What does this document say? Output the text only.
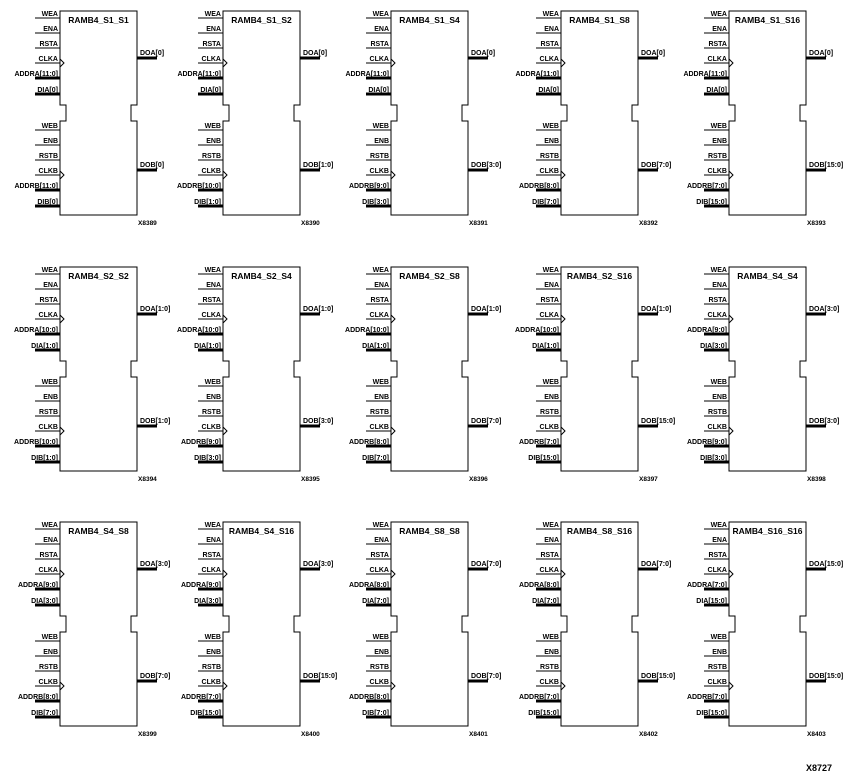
RAMB4_S1_S1
WEA
ENA
RSTA
CLKA
ADDRA[11:0]
DIA[0]
WEB
ENB
RSTB
CLKB
ADDRB[11:0]
DIB[0]
DOA[0]
DOB[0]
X8389
RAMB4_S1_S2
WEA
ENA
RSTA
CLKA
ADDRA[11:0]
DIA[0]
WEB
ENB
RSTB
CLKB
ADDRB[10:0]
DIB[1:0]
DOA[0]
DOB[1:0]
X8390
RAMB4_S1_S4
WEA
ENA
RSTA
CLKA
ADDRA[11:0]
DIA[0]
WEB
ENB
RSTB
CLKB
ADDRB[9:0]
DIB[3:0]
DOA[0]
DOB[3:0]
X8391
RAMB4_S1_S8
WEA
ENA
RSTA
CLKA
ADDRA[11:0]
DIA[0]
WEB
ENB
RSTB
CLKB
ADDRB[8:0]
DIB[7:0]
DOA[0]
DOB[7:0]
X8392
RAMB4_S1_S16
WEA
ENA
RSTA
CLKA
ADDRA[11:0]
DIA[0]
WEB
ENB
RSTB
CLKB
ADDRB[7:0]
DIB[15:0]
DOA[0]
DOB[15:0]
X8393
RAMB4_S2_S2
WEA
ENA
RSTA
CLKA
ADDRA[10:0]
DIA[1:0]
WEB
ENB
RSTB
CLKB
ADDRB[10:0]
DIB[1:0]
DOA[1:0]
DOB[1:0]
X8394
RAMB4_S2_S4
WEA
ENA
RSTA
CLKA
ADDRA[10:0]
DIA[1:0]
WEB
ENB
RSTB
CLKB
ADDRB[9:0]
DIB[3:0]
DOA[1:0]
DOB[3:0]
X8395
RAMB4_S2_S8
WEA
ENA
RSTA
CLKA
ADDRA[10:0]
DIA[1:0]
WEB
ENB
RSTB
CLKB
ADDRB[8:0]
DIB[7:0]
DOA[1:0]
DOB[7:0]
X8396
RAMB4_S2_S16
WEA
ENA
RSTA
CLKA
ADDRA[10:0]
DIA[1:0]
WEB
ENB
RSTB
CLKB
ADDRB[7:0]
DIB[15:0]
DOA[1:0]
DOB[15:0]
X8397
RAMB4_S4_S4
WEA
ENA
RSTA
CLKA
ADDRA[9:0]
DIA[3:0]
WEB
ENB
RSTB
CLKB
ADDRB[9:0]
DIB[3:0]
DOA[3:0]
DOB[3:0]
X8398
RAMB4_S4_S8
WEA
ENA
RSTA
CLKA
ADDRA[9:0]
DIA[3:0]
WEB
ENB
RSTB
CLKB
ADDRB[8:0]
DIB[7:0]
DOA[3:0]
DOB[7:0]
X8399
RAMB4_S4_S16
WEA
ENA
RSTA
CLKA
ADDRA[9:0]
DIA[3:0]
WEB
ENB
RSTB
CLKB
ADDRB[7:0]
DIB[15:0]
DOA[3:0]
DOB[15:0]
X8400
RAMB4_S8_S8
WEA
ENA
RSTA
CLKA
ADDRA[8:0]
DIA[7:0]
WEB
ENB
RSTB
CLKB
ADDRB[8:0]
DIB[7:0]
DOA[7:0]
DOB[7:0]
X8401
RAMB4_S8_S16
WEA
ENA
RSTA
CLKA
ADDRA[8:0]
DIA[7:0]
WEB
ENB
RSTB
CLKB
ADDRB[7:0]
DIB[15:0]
DOA[7:0]
DOB[15:0]
X8402
RAMB4_S16_S16
WEA
ENA
RSTA
CLKA
ADDRA[7:0]
DIA[15:0]
WEB
ENB
RSTB
CLKB
ADDRB[7:0]
DIB[15:0]
DOA[15:0]
DOB[15:0]
X8403
X8727
